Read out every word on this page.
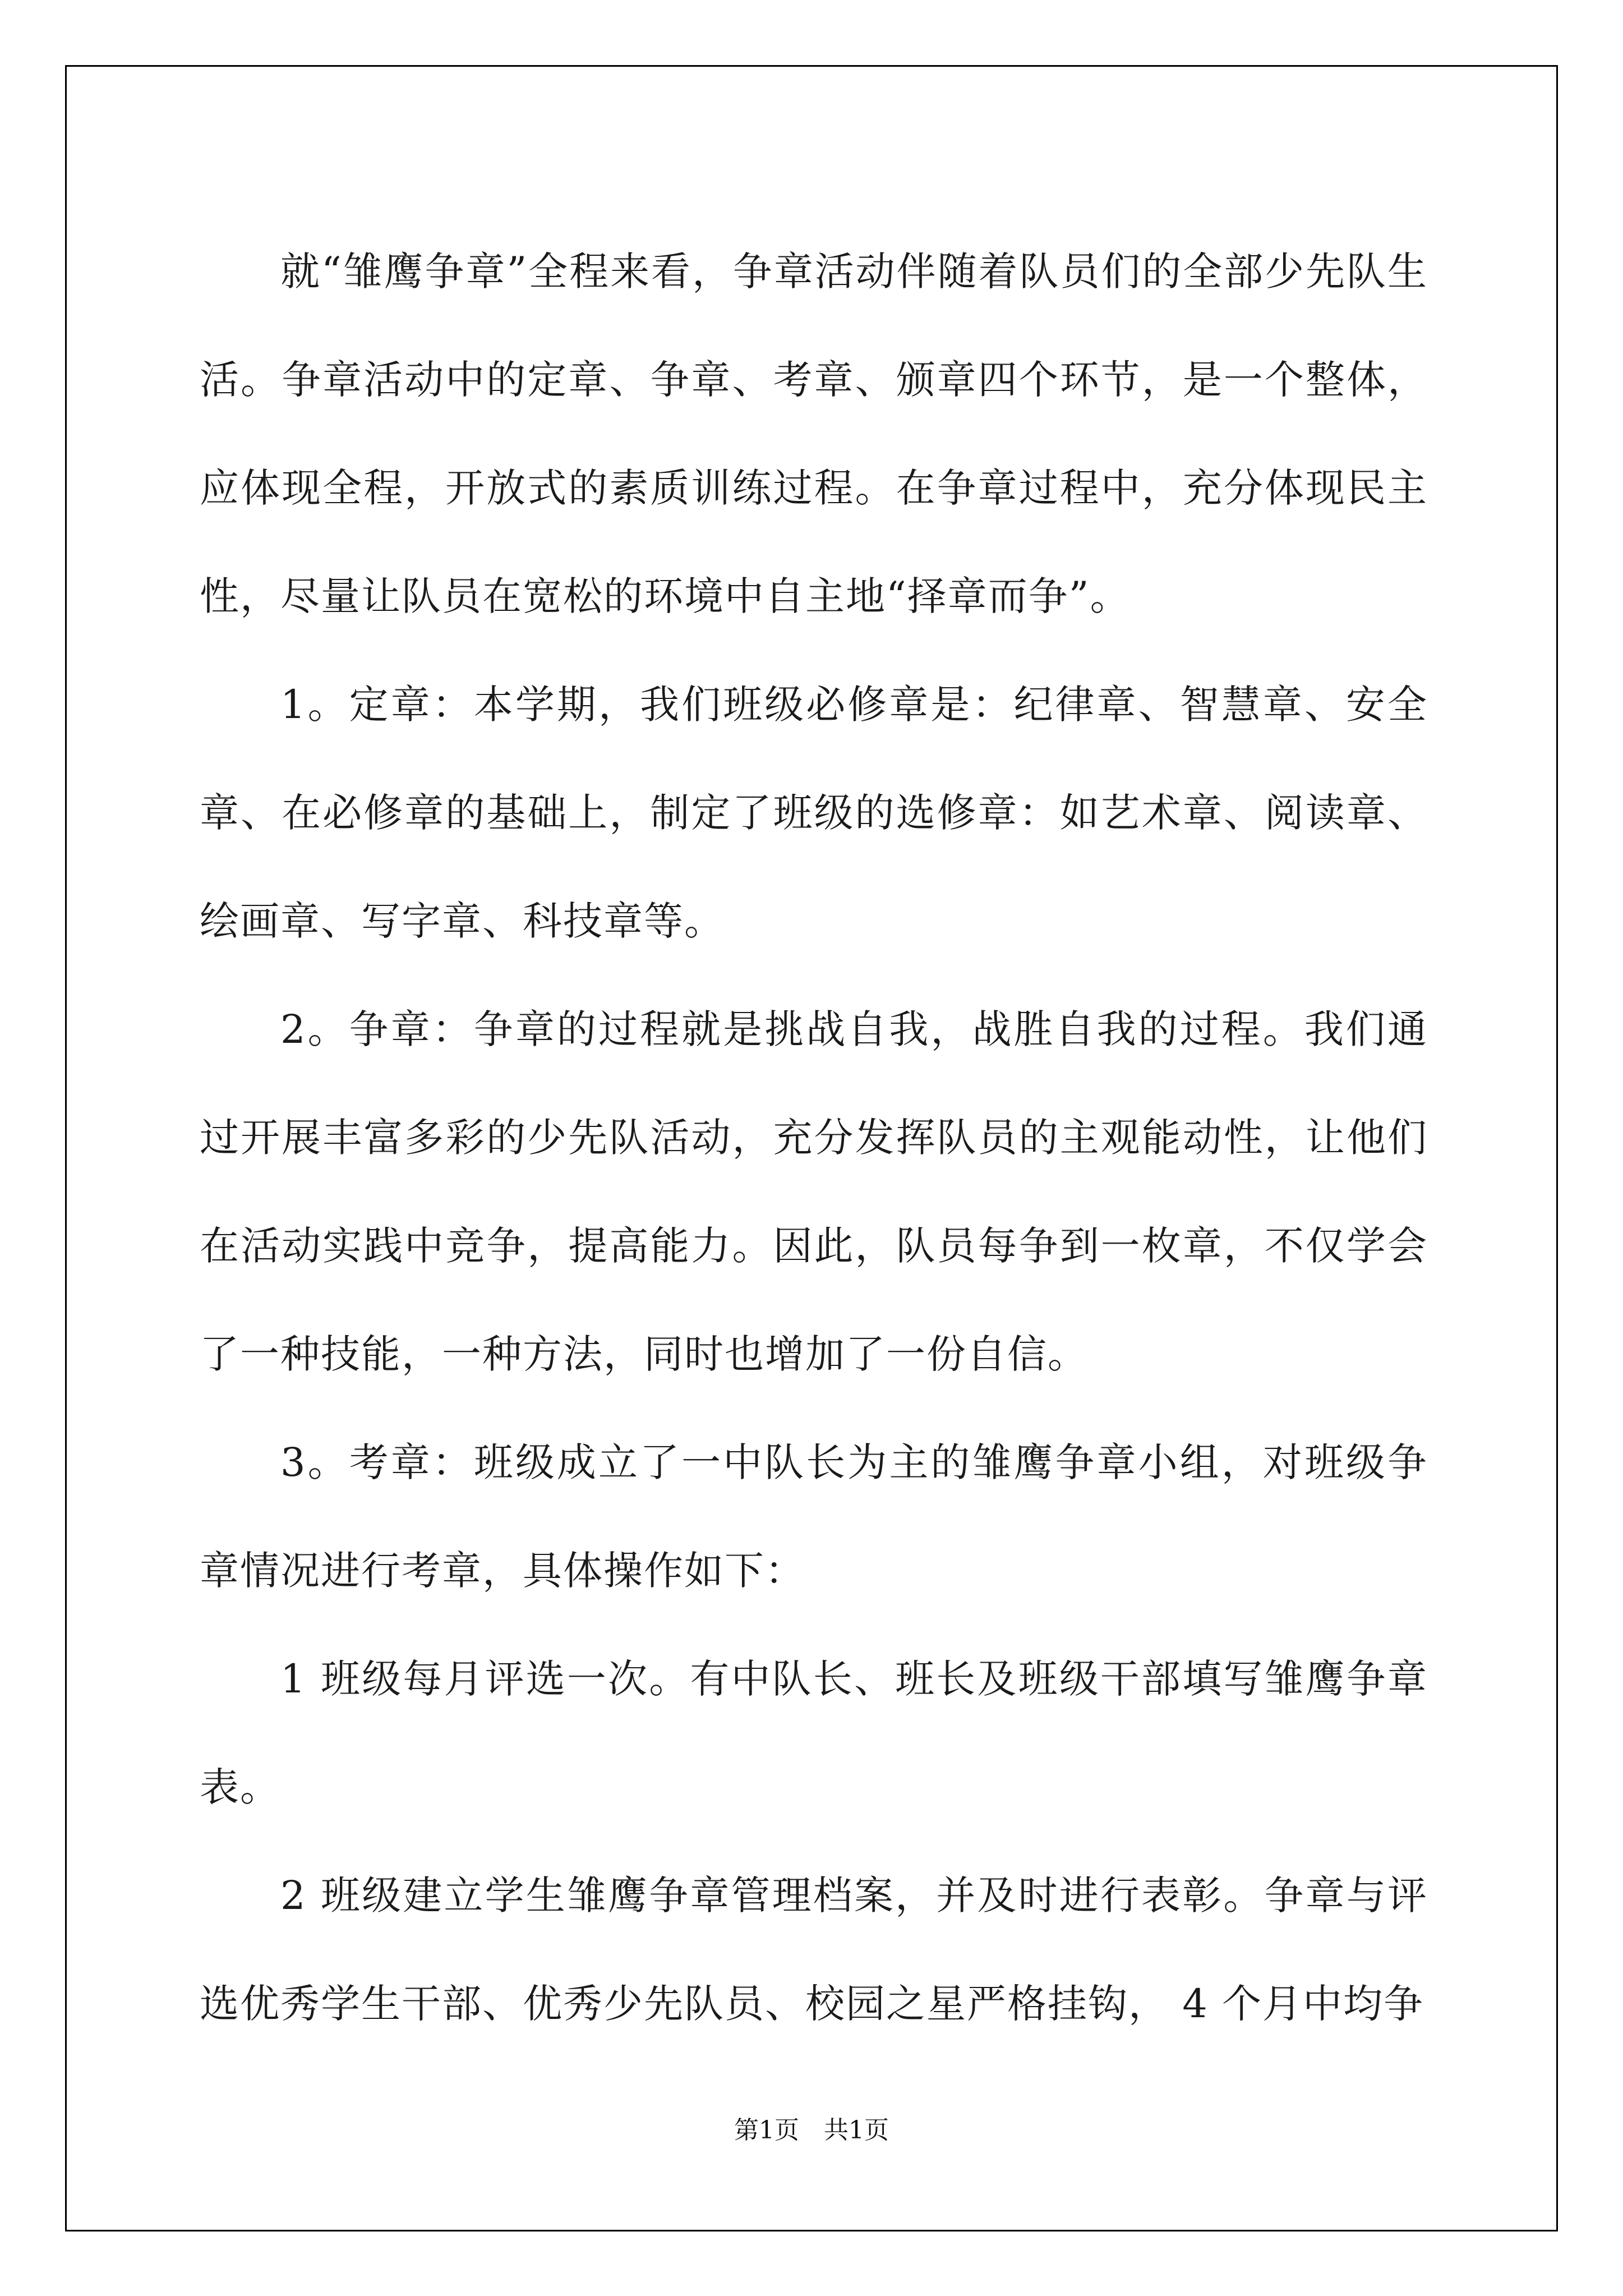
就“雏鹰争章”全程来看，争章活动伴随着队员们的全部少先队生活。争章活动中的定章、争章、考章、颁章四个环节，是一个整体，应体现全程，开放式的素质训练过程。在争章过程中，充分体现民主性，尽量让队员在宽松的环境中自主地“择章而争”。

1。定章：本学期，我们班级必修章是：纪律章、智慧章、安全章、在必修章的基础上，制定了班级的选修章：如艺术章、阅读章、绘画章、写字章、科技章等。

2。争章：争章的过程就是挑战自我，战胜自我的过程。我们通过开展丰富多彩的少先队活动，充分发挥队员的主观能动性，让他们在活动实践中竞争，提高能力。因此，队员每争到一枚章，不仅学会了一种技能，一种方法，同时也增加了一份自信。

3。考章：班级成立了一中队长为主的雏鹰争章小组，对班级争章情况进行考章，具体操作如下：

1 班级每月评选一次。有中队长、班长及班级干部填写雏鹰争章表。

2 班级建立学生雏鹰争章管理档案，并及时进行表彰。争章与评选优秀学生干部、优秀少先队员、校园之星严格挂钩， 4 个月中均争

第1页　共1页
